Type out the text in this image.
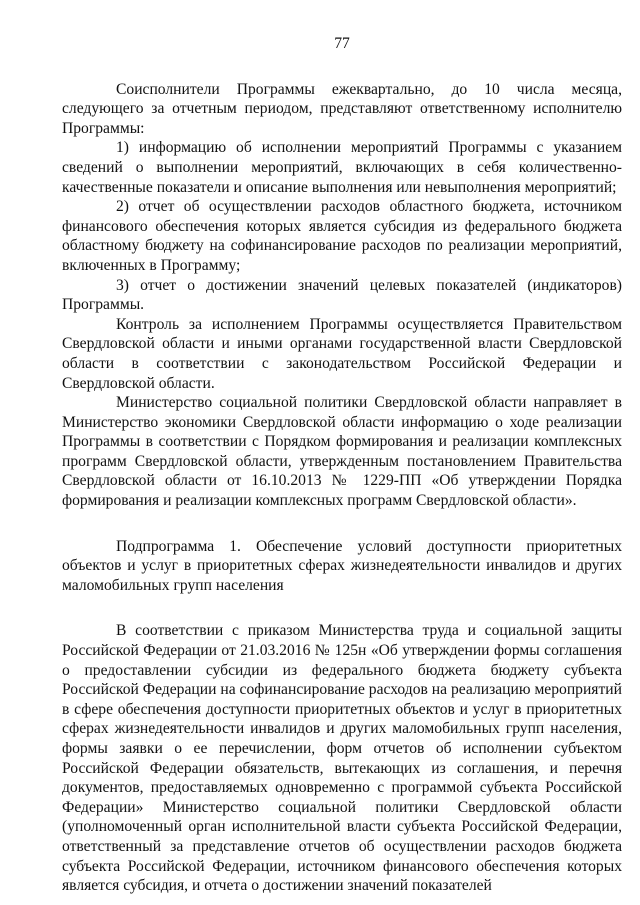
77

Соисполнители Программы ежеквартально, до 10 числа месяца, следующего за отчетным периодом, представляют ответственному исполнителю Программы:

1) информацию об исполнении мероприятий Программы с указанием сведений о выполнении мероприятий, включающих в себя количественно-качественные показатели и описание выполнения или невыполнения мероприятий;

2) отчет об осуществлении расходов областного бюджета, источником финансового обеспечения которых является субсидия из федерального бюджета областному бюджету на софинансирование расходов по реализации мероприятий, включенных в Программу;

3) отчет о достижении значений целевых показателей (индикаторов) Программы.

Контроль за исполнением Программы осуществляется Правительством Свердловской области и иными органами государственной власти Свердловской области в соответствии с законодательством Российской Федерации и Свердловской области.

Министерство социальной политики Свердловской области направляет в Министерство экономики Свердловской области информацию о ходе реализации Программы в соответствии с Порядком формирования и реализации комплексных программ Свердловской области, утвержденным постановлением Правительства Свердловской области от 16.10.2013 № 1229-ПП «Об утверждении Порядка формирования и реализации комплексных программ Свердловской области».

Подпрограмма 1. Обеспечение условий доступности приоритетных объектов и услуг в приоритетных сферах жизнедеятельности инвалидов и других маломобильных групп населения

В соответствии с приказом Министерства труда и социальной защиты Российской Федерации от 21.03.2016 № 125н «Об утверждении формы соглашения о предоставлении субсидии из федерального бюджета бюджету субъекта Российской Федерации на софинансирование расходов на реализацию мероприятий в сфере обеспечения доступности приоритетных объектов и услуг в приоритетных сферах жизнедеятельности инвалидов и других маломобильных групп населения, формы заявки о ее перечислении, форм отчетов об исполнении субъектом Российской Федерации обязательств, вытекающих из соглашения, и перечня документов, предоставляемых одновременно с программой субъекта Российской Федерации» Министерство социальной политики Свердловской области (уполномоченный орган исполнительной власти субъекта Российской Федерации, ответственный за представление отчетов об осуществлении расходов бюджета субъекта Российской Федерации, источником финансового обеспечения которых является субсидия, и отчета о достижении значений показателей
